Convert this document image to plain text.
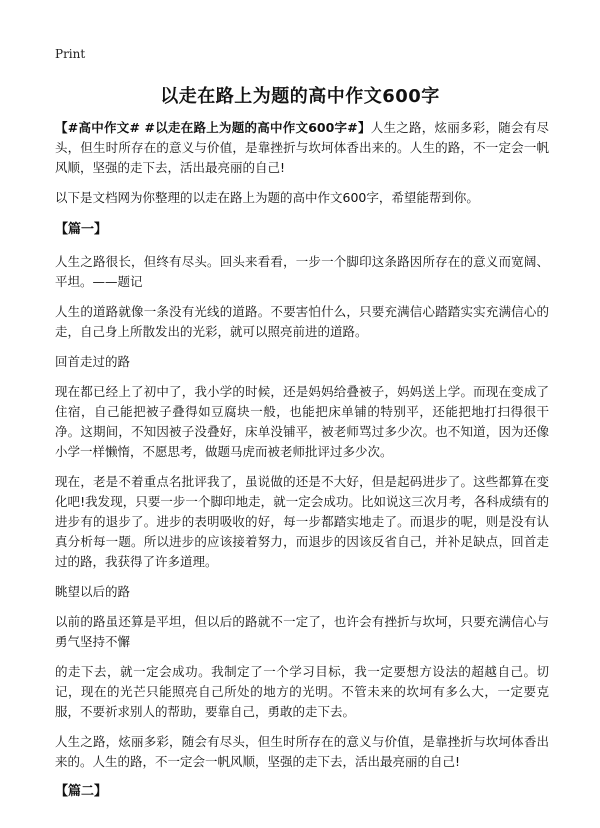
Print
以走在路上为题的高中作文600字

【#高中作文# #以走在路上为题的高中作文600字#】人生之路，炫丽多彩，随会有尽头，但生时所存在的意义与价值，是靠挫折与坎坷体香出来的。人生的路，不一定会一帆风顺，坚强的走下去，活出最亮丽的自己!

以下是文档网为你整理的以走在路上为题的高中作文600字，希望能帮到你。

【篇一】

人生之路很长，但终有尽头。回头来看看，一步一个脚印这条路因所存在的意义而宽阔、平坦。——题记

人生的道路就像一条没有光线的道路。不要害怕什么，只要充满信心踏踏实实充满信心的走，自己身上所散发出的光彩，就可以照亮前进的道路。

回首走过的路

现在都已经上了初中了，我小学的时候，还是妈妈给叠被子，妈妈送上学。而现在变成了住宿，自己能把被子叠得如豆腐块一般，也能把床单铺的特别平，还能把地打扫得很干净。这期间，不知因被子没叠好，床单没铺平，被老师骂过多少次。也不知道，因为还像小学一样懒惰，不愿思考，做题马虎而被老师批评过多少次。

现在，老是不着重点名批评我了，虽说做的还是不大好，但是起码进步了。这些都算在变化吧!我发现，只要一步一个脚印地走，就一定会成功。比如说这三次月考，各科成绩有的进步有的退步了。进步的表明吸收的好，每一步都踏实地走了。而退步的呢，则是没有认真分析每一题。所以进步的应该接着努力，而退步的因该反省自己，并补足缺点，回首走过的路，我获得了许多道理。

眺望以后的路

以前的路虽还算是平坦，但以后的路就不一定了，也许会有挫折与坎坷，只要充满信心与勇气坚持不懈

的走下去，就一定会成功。我制定了一个学习目标，我一定要想方设法的超越自己。切记，现在的光芒只能照亮自己所处的地方的光明。不管未来的坎坷有多么大，一定要克服，不要祈求别人的帮助，要靠自己，勇敢的走下去。

人生之路，炫丽多彩，随会有尽头，但生时所存在的意义与价值，是靠挫折与坎坷体香出来的。人生的路，不一定会一帆风顺，坚强的走下去，活出最亮丽的自己!

【篇二】
